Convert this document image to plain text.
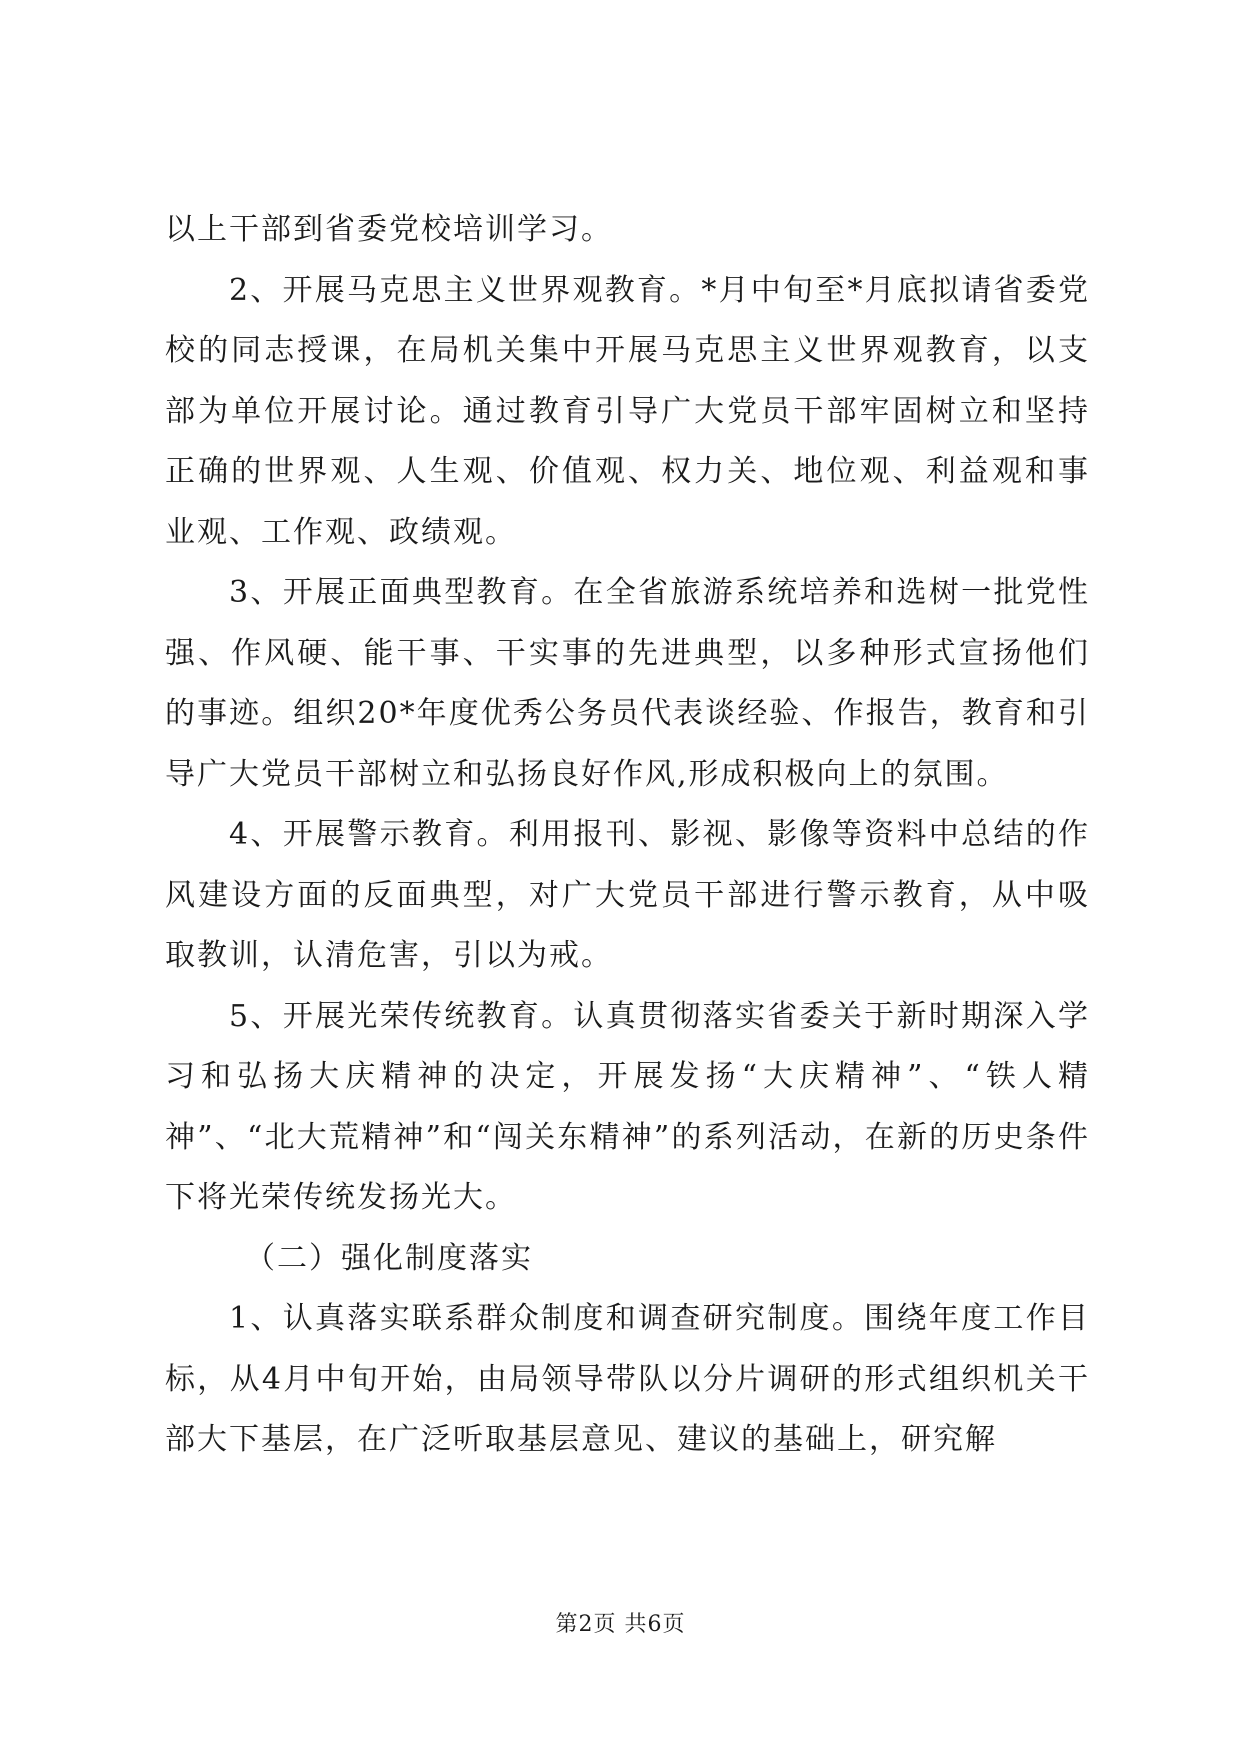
以上干部到省委党校培训学习。

2、开展马克思主义世界观教育。*月中旬至*月底拟请省委党校的同志授课，在局机关集中开展马克思主义世界观教育，以支部为单位开展讨论。通过教育引导广大党员干部牢固树立和坚持正确的世界观、人生观、价值观、权力关、地位观、利益观和事业观、工作观、政绩观。

3、开展正面典型教育。在全省旅游系统培养和选树一批党性强、作风硬、能干事、干实事的先进典型，以多种形式宣扬他们的事迹。组织20*年度优秀公务员代表谈经验、作报告，教育和引导广大党员干部树立和弘扬良好作风,形成积极向上的氛围。

4、开展警示教育。利用报刊、影视、影像等资料中总结的作风建设方面的反面典型，对广大党员干部进行警示教育，从中吸取教训，认清危害，引以为戒。

5、开展光荣传统教育。认真贯彻落实省委关于新时期深入学习和弘扬大庆精神的决定，开展发扬“大庆精神”、“铁人精神”、“北大荒精神”和“闯关东精神”的系列活动，在新的历史条件下将光荣传统发扬光大。

（二）强化制度落实

1、认真落实联系群众制度和调查研究制度。围绕年度工作目标，从4月中旬开始，由局领导带队以分片调研的形式组织机关干部大下基层，在广泛听取基层意见、建议的基础上，研究解

第2页 共6页
